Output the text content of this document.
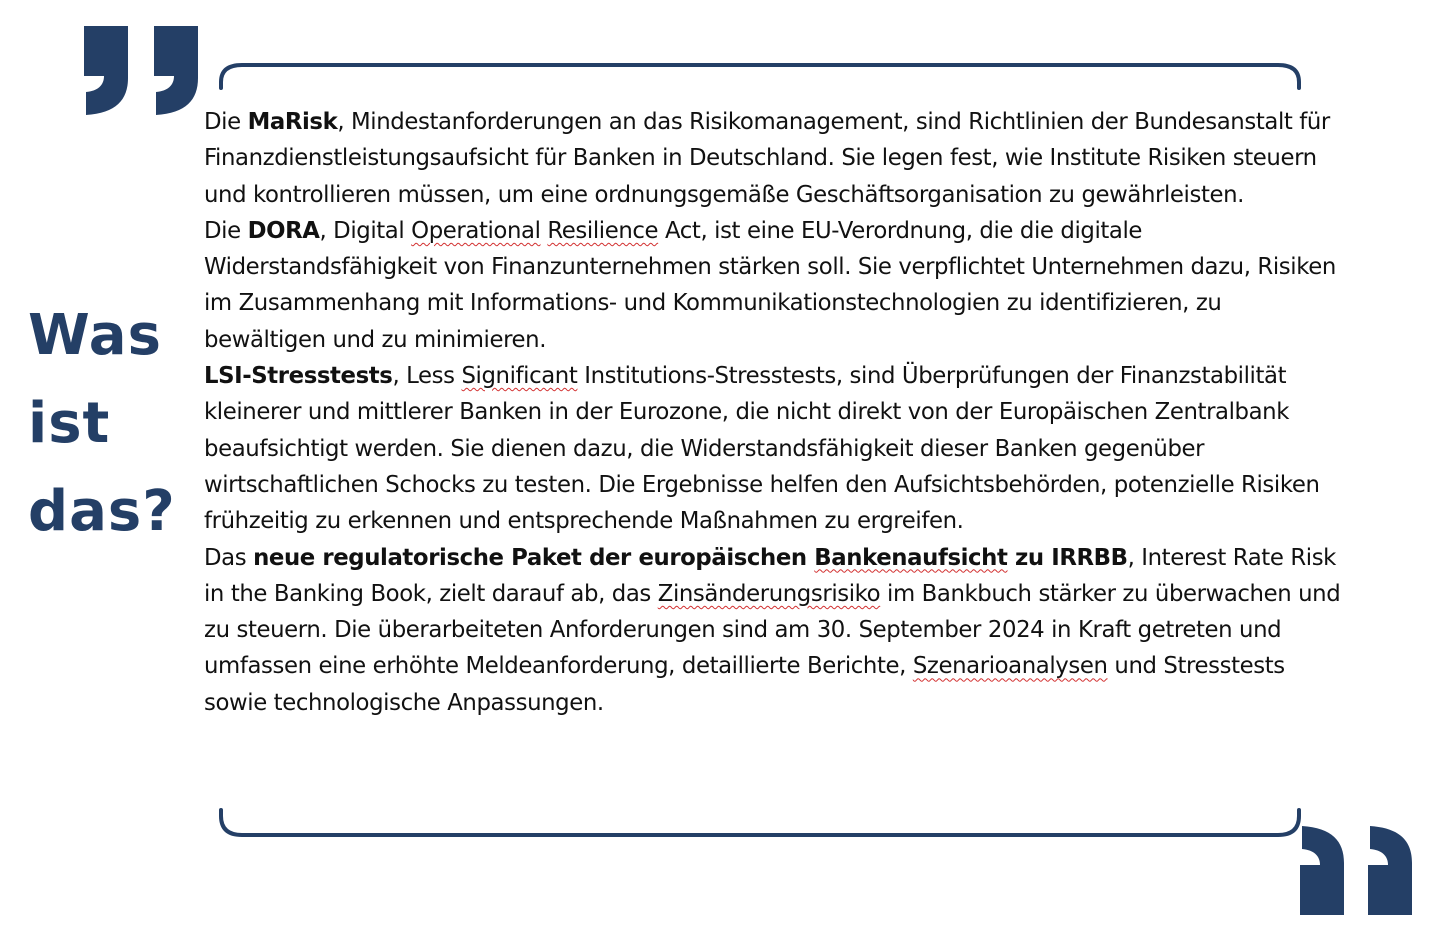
Was
ist
das?

Die MaRisk, Mindestanforderungen an das Risikomanagement, sind Richtlinien der Bundesanstalt für Finanzdienstleistungsaufsicht für Banken in Deutschland. Sie legen fest, wie Institute Risiken steuern und kontrollieren müssen, um eine ordnungsgemäße Geschäftsorganisation zu gewährleisten.

Die DORA, Digital Operational Resilience Act, ist eine EU-Verordnung, die die digitale Widerstandsfähigkeit von Finanzunternehmen stärken soll. Sie verpflichtet Unternehmen dazu, Risiken im Zusammenhang mit Informations- und Kommunikationstechnologien zu identifizieren, zu bewältigen und zu minimieren.

LSI-Stresstests, Less Significant Institutions-Stresstests, sind Überprüfungen der Finanzstabilität kleinerer und mittlerer Banken in der Eurozone, die nicht direkt von der Europäischen Zentralbank beaufsichtigt werden. Sie dienen dazu, die Widerstandsfähigkeit dieser Banken gegenüber wirtschaftlichen Schocks zu testen. Die Ergebnisse helfen den Aufsichtsbehörden, potenzielle Risiken frühzeitig zu erkennen und entsprechende Maßnahmen zu ergreifen.

Das neue regulatorische Paket der europäischen Bankenaufsicht zu IRRBB, Interest Rate Risk in the Banking Book, zielt darauf ab, das Zinsänderungsrisiko im Bankbuch stärker zu überwachen und zu steuern. Die überarbeiteten Anforderungen sind am 30. September 2024 in Kraft getreten und umfassen eine erhöhte Meldeanforderung, detaillierte Berichte, Szenarioanalysen und Stresstests sowie technologische Anpassungen.
